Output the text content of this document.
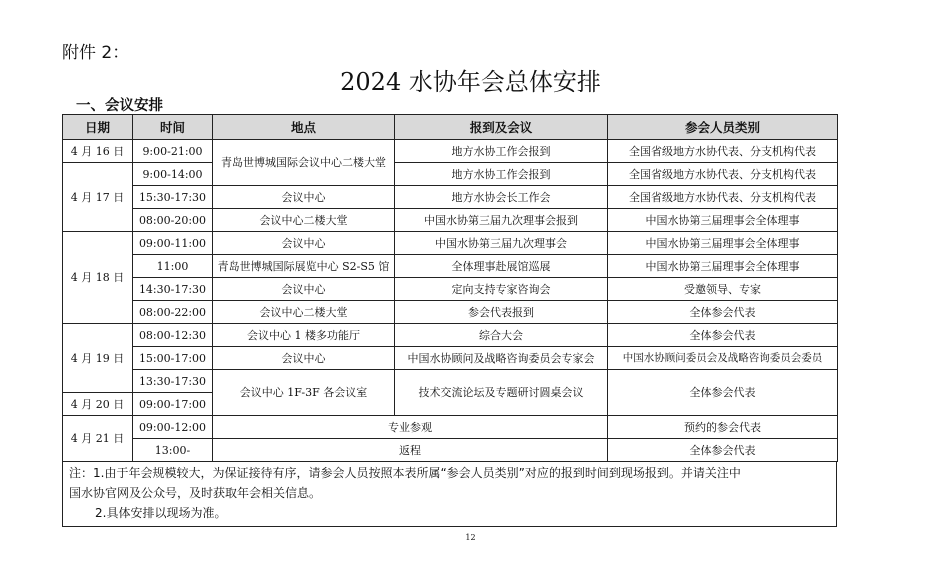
附件 2：
2024 水协年会总体安排
一、会议安排
日期	时间	地点	报到及会议	参会人员类别
4 月 16 日	9:00-21:00	青岛世博城国际会议中心二楼大堂	地方水协工作会报到	全国省级地方水协代表、分支机构代表
4 月 17 日	9:00-14:00		地方水协工作会报到	全国省级地方水协代表、分支机构代表
	15:30-17:30	会议中心	地方水协会长工作会	全国省级地方水协代表、分支机构代表
	08:00-20:00	会议中心二楼大堂	中国水协第三届九次理事会报到	中国水协第三届理事会全体理事
4 月 18 日	09:00-11:00	会议中心	中国水协第三届九次理事会	中国水协第三届理事会全体理事
	11:00	青岛世博城国际展览中心 S2-S5 馆	全体理事赴展馆巡展	中国水协第三届理事会全体理事
	14:30-17:30	会议中心	定向支持专家咨询会	受邀领导、专家
	08:00-22:00	会议中心二楼大堂	参会代表报到	全体参会代表
4 月 19 日	08:00-12:30	会议中心 1 楼多功能厅	综合大会	全体参会代表
	15:00-17:00	会议中心	中国水协顾问及战略咨询委员会专家会	中国水协顾问委员会及战略咨询委员会委员
	13:30-17:30	会议中心 1F-3F 各会议室	技术交流论坛及专题研讨圆桌会议	全体参会代表
4 月 20 日	09:00-17:00			
4 月 21 日	09:00-12:00	专业参观		预约的参会代表
	13:00-	返程		全体参会代表
注：1.由于年会规模较大，为保证接待有序，请参会人员按照本表所属“参会人员类别”对应的报到时间到现场报到。并请关注中
国水协官网及公众号，及时获取年会相关信息。
2.具体安排以现场为准。
12
